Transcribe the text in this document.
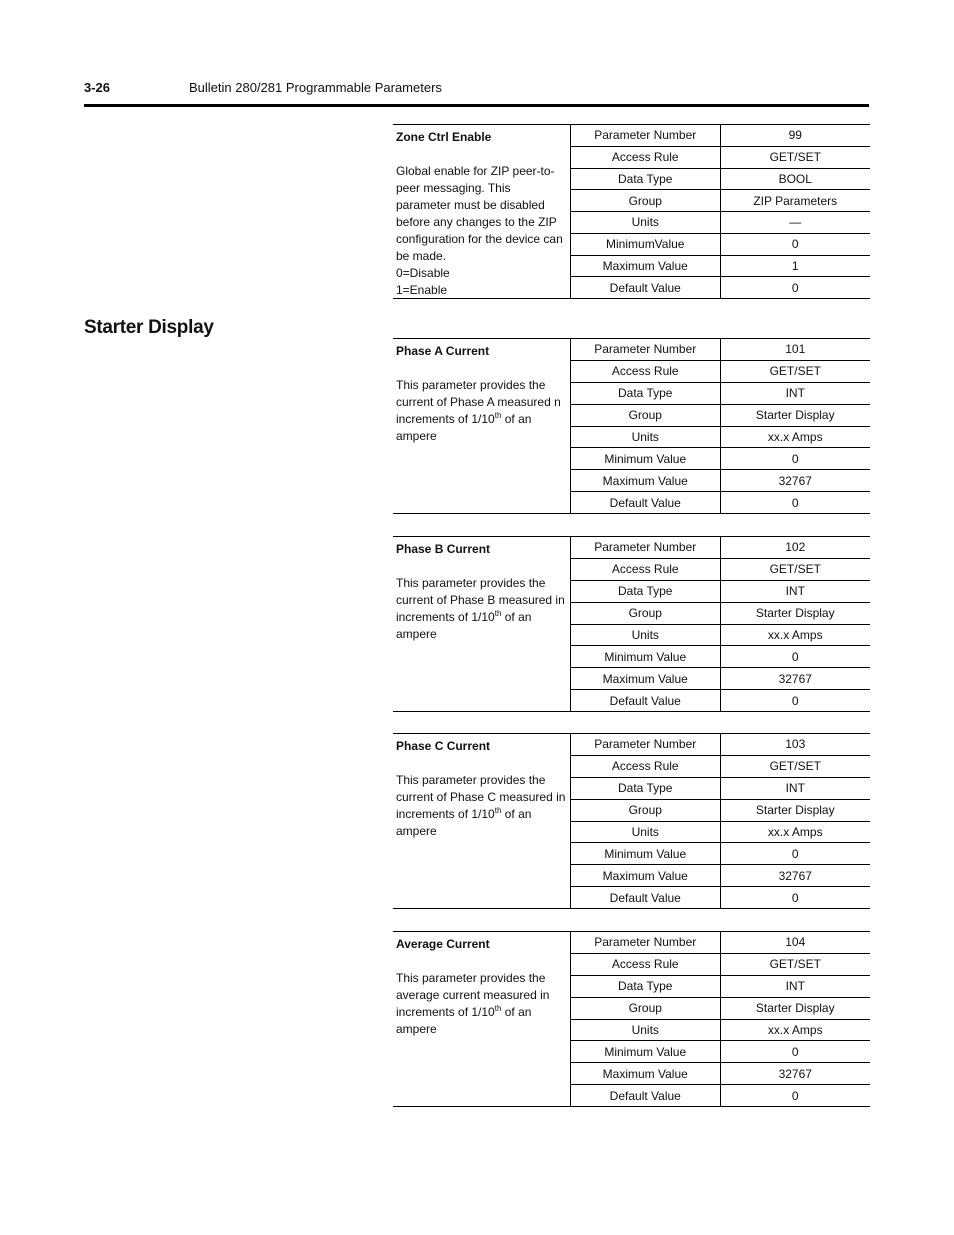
3-26	Bulletin 280/281 Programmable Parameters
Zone Ctrl Enable
Global enable for ZIP peer-to-peer messaging. This parameter must be disabled before any changes to the ZIP configuration for the device can be made.
0=Disable
1=Enable
Parameter Number	99
Access Rule	GET/SET
Data Type	BOOL
Group	ZIP Parameters
Units	—
MinimumValue	0
Maximum Value	1
Default Value	0
Starter Display
Phase A Current
This parameter provides the current of Phase A measured n increments of 1/10th of an ampere
Parameter Number	101
Access Rule	GET/SET
Data Type	INT
Group	Starter Display
Units	xx.x Amps
Minimum Value	0
Maximum Value	32767
Default Value	0
Phase B Current
This parameter provides the current of Phase B measured in increments of 1/10th of an ampere
Parameter Number	102
Access Rule	GET/SET
Data Type	INT
Group	Starter Display
Units	xx.x Amps
Minimum Value	0
Maximum Value	32767
Default Value	0
Phase C Current
This parameter provides the current of Phase C measured in increments of 1/10th of an ampere
Parameter Number	103
Access Rule	GET/SET
Data Type	INT
Group	Starter Display
Units	xx.x Amps
Minimum Value	0
Maximum Value	32767
Default Value	0
Average Current
This parameter provides the average current measured in increments of 1/10th of an ampere
Parameter Number	104
Access Rule	GET/SET
Data Type	INT
Group	Starter Display
Units	xx.x Amps
Minimum Value	0
Maximum Value	32767
Default Value	0
